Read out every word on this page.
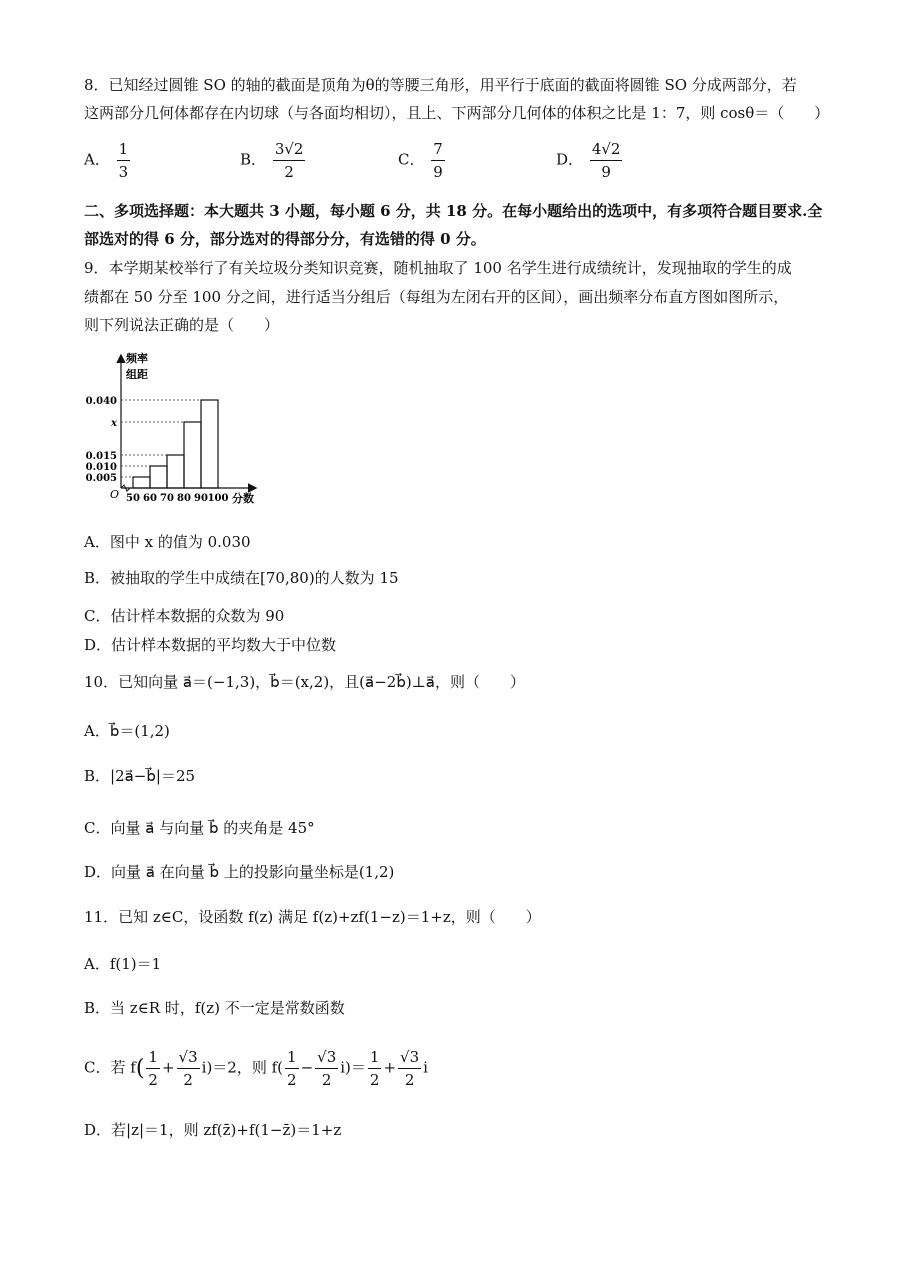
8．已知经过圆锥 SO 的轴的截面是顶角为θ的等腰三角形，用平行于底面的截面将圆锥 SO 分成两部分，若
这两部分几何体都存在内切球（与各面均相切），且上、下两部分几何体的体积之比是 1：7，则 cosθ＝（　　）
A． $\frac{1}{3}$	B． $\frac{3√2}{2}$	C． $\frac{7}{9}$	D． $\frac{4√2}{9}$
二、多项选择题：本大题共 3 小题，每小题 6 分，共 18 分。在每小题给出的选项中，有多项符合题目要求.全
部选对的得 6 分，部分选对的得部分分，有选错的得 0 分。
9．本学期某校举行了有关垃圾分类知识竞赛，随机抽取了 100 名学生进行成绩统计，发现抽取的学生的成
绩都在 50 分至 100 分之间，进行适当分组后（每组为左闭右开的区间），画出频率分布直方图如图所示，
则下列说法正确的是（　　）
频率
组距
O	分数
50 60 70 80 90 100
0.005
0.010
0.015
x
0.040
A．图中 x 的值为 0.030
B．被抽取的学生中成绩在[70,80)的人数为 15
C．估计样本数据的众数为 90
D．估计样本数据的平均数大于中位数
10．已知向量 a⃗＝(−1,3)，b⃗＝(x,2)，且(a⃗−2b⃗)⊥a⃗，则（　　）
A．b⃗＝(1,2)
B．|2a⃗−b⃗|＝25
C．向量 a⃗ 与向量 b⃗ 的夹角是 45°
D．向量 a⃗ 在向量 b⃗ 上的投影向量坐标是(1,2)
11．已知 z∈C，设函数 f(z) 满足 f(z)+zf(1−z)＝1+z，则（　　）
A．f(1)＝1
B．当 z∈R 时，f(z) 不一定是常数函数
C．若 $f( \frac{1}{2} + \frac{√3}{2} i)=2$，则 $f( \frac{1}{2} - \frac{√3}{2} i)= \frac{1}{2} + \frac{√3}{2}$ i
D．若|z|＝1，则 zf(z̄)+f(1−z̄)＝1+z
